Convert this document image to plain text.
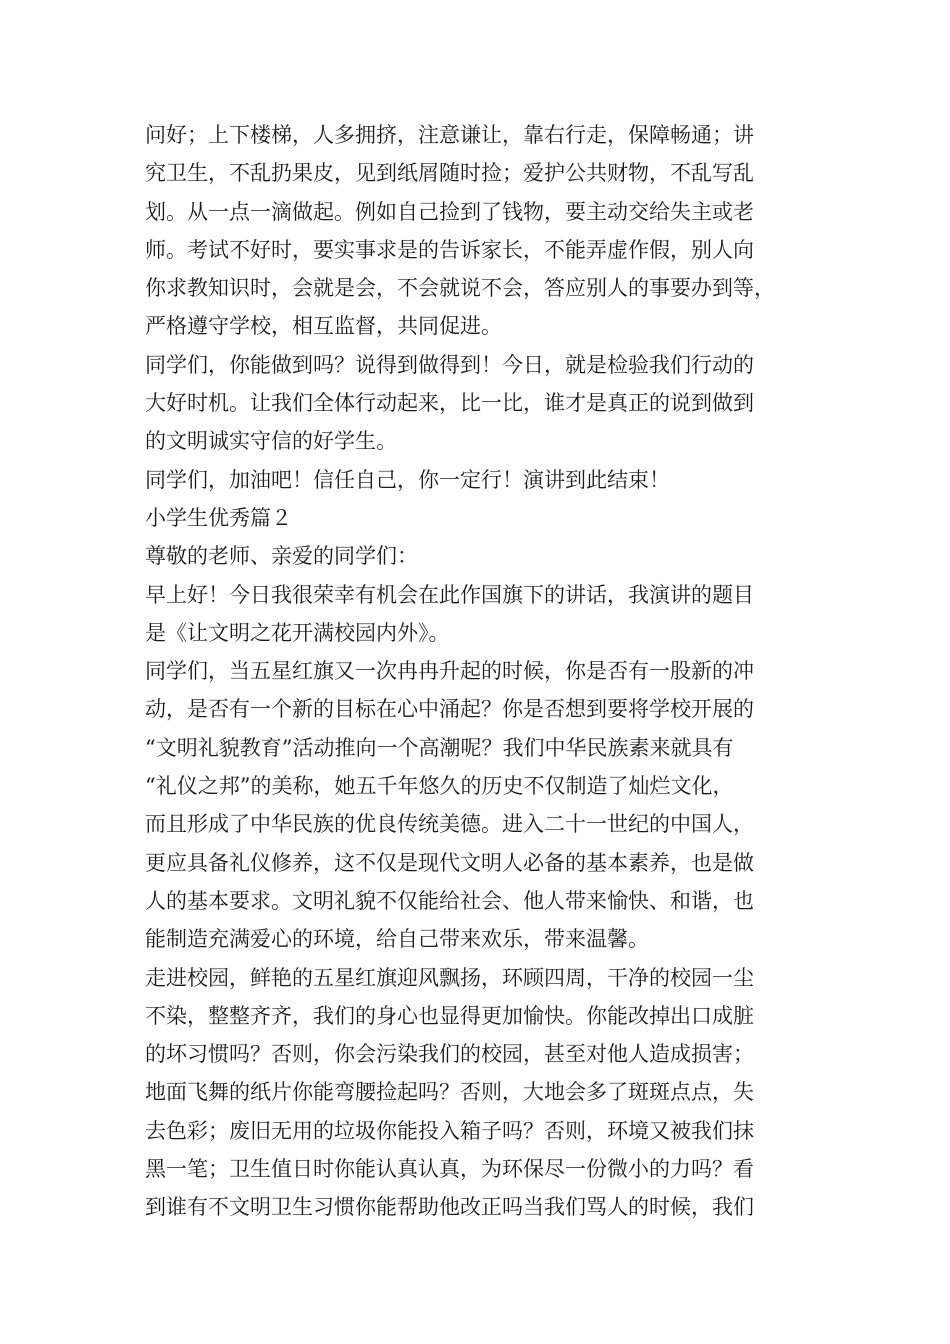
问好；上下楼梯，人多拥挤，注意谦让，靠右行走，保障畅通；讲
究卫生，不乱扔果皮，见到纸屑随时捡；爱护公共财物，不乱写乱
划。从一点一滴做起。例如自己捡到了钱物，要主动交给失主或老
师。考试不好时，要实事求是的告诉家长，不能弄虚作假，别人向
你求教知识时，会就是会，不会就说不会，答应别人的事要办到等，
严格遵守学校，相互监督，共同促进。
同学们，你能做到吗？说得到做得到！今日，就是检验我们行动的
大好时机。让我们全体行动起来，比一比，谁才是真正的说到做到
的文明诚实守信的好学生。
同学们，加油吧！信任自己，你一定行！演讲到此结束！
小学生优秀篇２
尊敬的老师、亲爱的同学们：
早上好！今日我很荣幸有机会在此作国旗下的讲话，我演讲的题目
是《让文明之花开满校园内外》。
同学们，当五星红旗又一次冉冉升起的时候，你是否有一股新的冲
动，是否有一个新的目标在心中涌起？你是否想到要将学校开展的
“文明礼貌教育”活动推向一个高潮呢？我们中华民族素来就具有
“礼仪之邦”的美称，她五千年悠久的历史不仅制造了灿烂文化，
而且形成了中华民族的优良传统美德。进入二十一世纪的中国人，
更应具备礼仪修养，这不仅是现代文明人必备的基本素养，也是做
人的基本要求。文明礼貌不仅能给社会、他人带来愉快、和谐，也
能制造充满爱心的环境，给自己带来欢乐，带来温馨。
走进校园，鲜艳的五星红旗迎风飘扬，环顾四周，干净的校园一尘
不染，整整齐齐，我们的身心也显得更加愉快。你能改掉出口成脏
的坏习惯吗？否则，你会污染我们的校园，甚至对他人造成损害；
地面飞舞的纸片你能弯腰捡起吗？否则，大地会多了斑斑点点，失
去色彩；废旧无用的垃圾你能投入箱子吗？否则，环境又被我们抹
黑一笔；卫生值日时你能认真认真，为环保尽一份微小的力吗？看
到谁有不文明卫生习惯你能帮助他改正吗当我们骂人的时候，我们
